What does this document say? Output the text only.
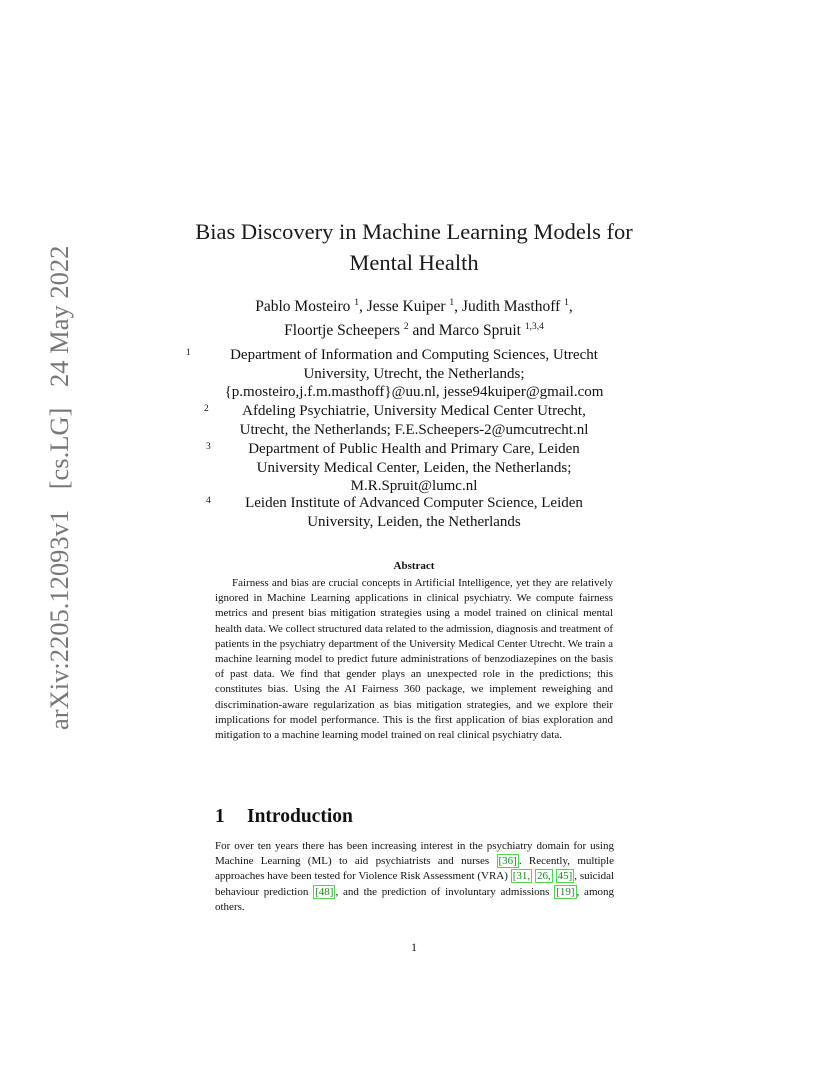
arXiv:2205.12093v1 [cs.LG] 24 May 2022
Bias Discovery in Machine Learning Models for
Mental Health
Pablo Mosteiro $^1$, Jesse Kuiper $^1$, Judith Masthoff $^1$,
Floortje Scheepers $^2$ and Marco Spruit $^{1,3,4}$
1	Department of Information and Computing Sciences, Utrecht
University, Utrecht, the Netherlands;
{p.mosteiro,j.f.m.masthoff}@uu.nl, jesse94kuiper@gmail.com
2	Afdeling Psychiatrie, University Medical Center Utrecht,
Utrecht, the Netherlands; F.E.Scheepers-2@umcutrecht.nl
3	Department of Public Health and Primary Care, Leiden
University Medical Center, Leiden, the Netherlands;
M.R.Spruit@lumc.nl
4	Leiden Institute of Advanced Computer Science, Leiden
University, Leiden, the Netherlands
Abstract
Fairness and bias are crucial concepts in Artificial Intelligence, yet they are relatively ignored in Machine Learning applications in clinical psychiatry. We compute fairness metrics and present bias mitigation strategies using a model trained on clinical mental health data. We collect structured data related to the admission, diagnosis and treatment of patients in the psychiatry department of the University Medical Center Utrecht. We train a machine learning model to predict future administrations of benzodiazepines on the basis of past data. We find that gender plays an unexpected role in the predictions; this constitutes bias. Using the AI Fairness 360 package, we implement reweighing and discrimination-aware regularization as bias mitigation strategies, and we explore their implications for model performance. This is the first application of bias exploration and mitigation to a machine learning model trained on real clinical psychiatry data.
1 Introduction
For over ten years there has been increasing interest in the psychiatry domain for using Machine Learning (ML) to aid psychiatrists and nurses [36] . Recently, multiple approaches have been tested for Violence Risk Assessment (VRA) [31, 26, 45] , suicidal behaviour prediction [48] , and the prediction of involuntary admissions [19] , among others.
1
